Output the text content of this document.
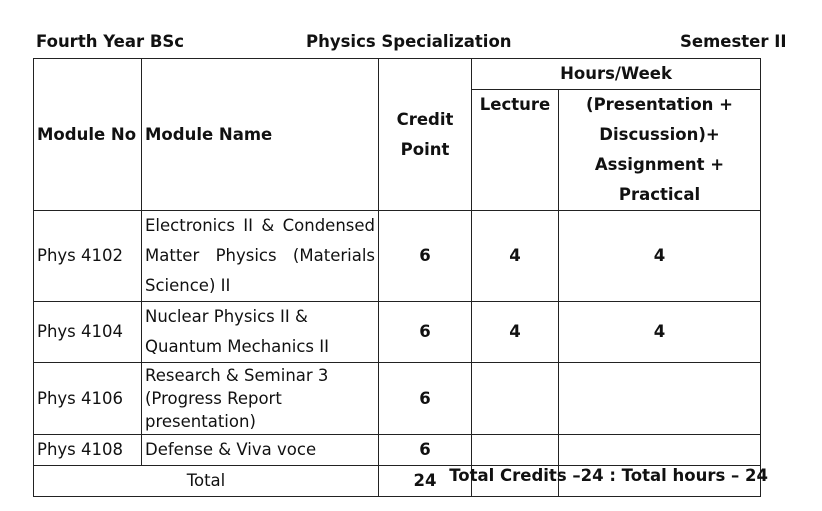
Fourth Year BSc	Physics Specialization	Semester II
Module No	Module Name	Credit Point	Hours/Week	
			Lecture	(Presentation + Discussion)+ Assignment + Practical
Phys 4102	Electronics II & Condensed Matter Physics (Materials Science) II	6	4	4
Phys 4104	Nuclear Physics II & Quantum Mechanics II	6	4	4
Phys 4106	Research & Seminar 3 (Progress Report presentation)	6		
Phys 4108	Defense & Viva voce	6		
Total		24		Total Credits –24 : Total hours – 24
